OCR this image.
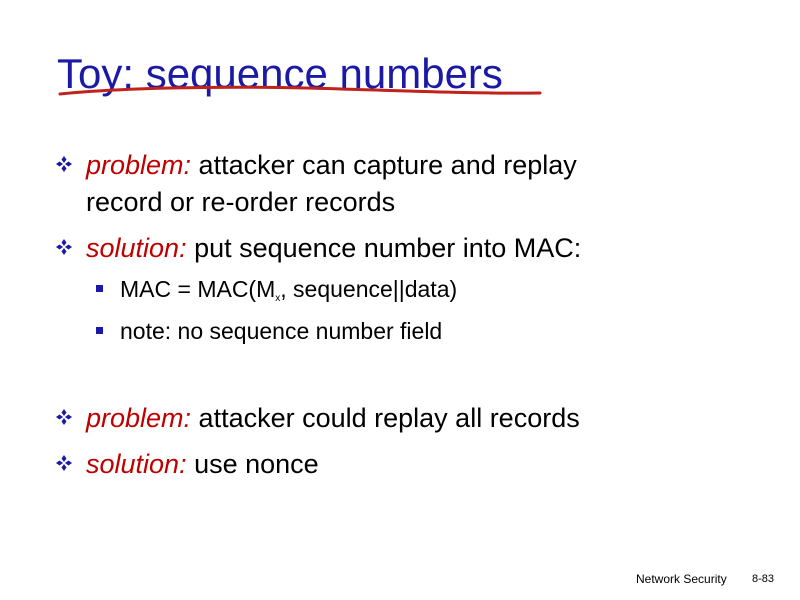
Toy: sequence numbers
problem: attacker can capture and replay
record or re-order records
solution: put sequence number into MAC:
MAC = $MAC(M_x$, sequence||data)
note: no sequence number field
problem: attacker could replay all records
solution: use nonce
Network Security 8-83
